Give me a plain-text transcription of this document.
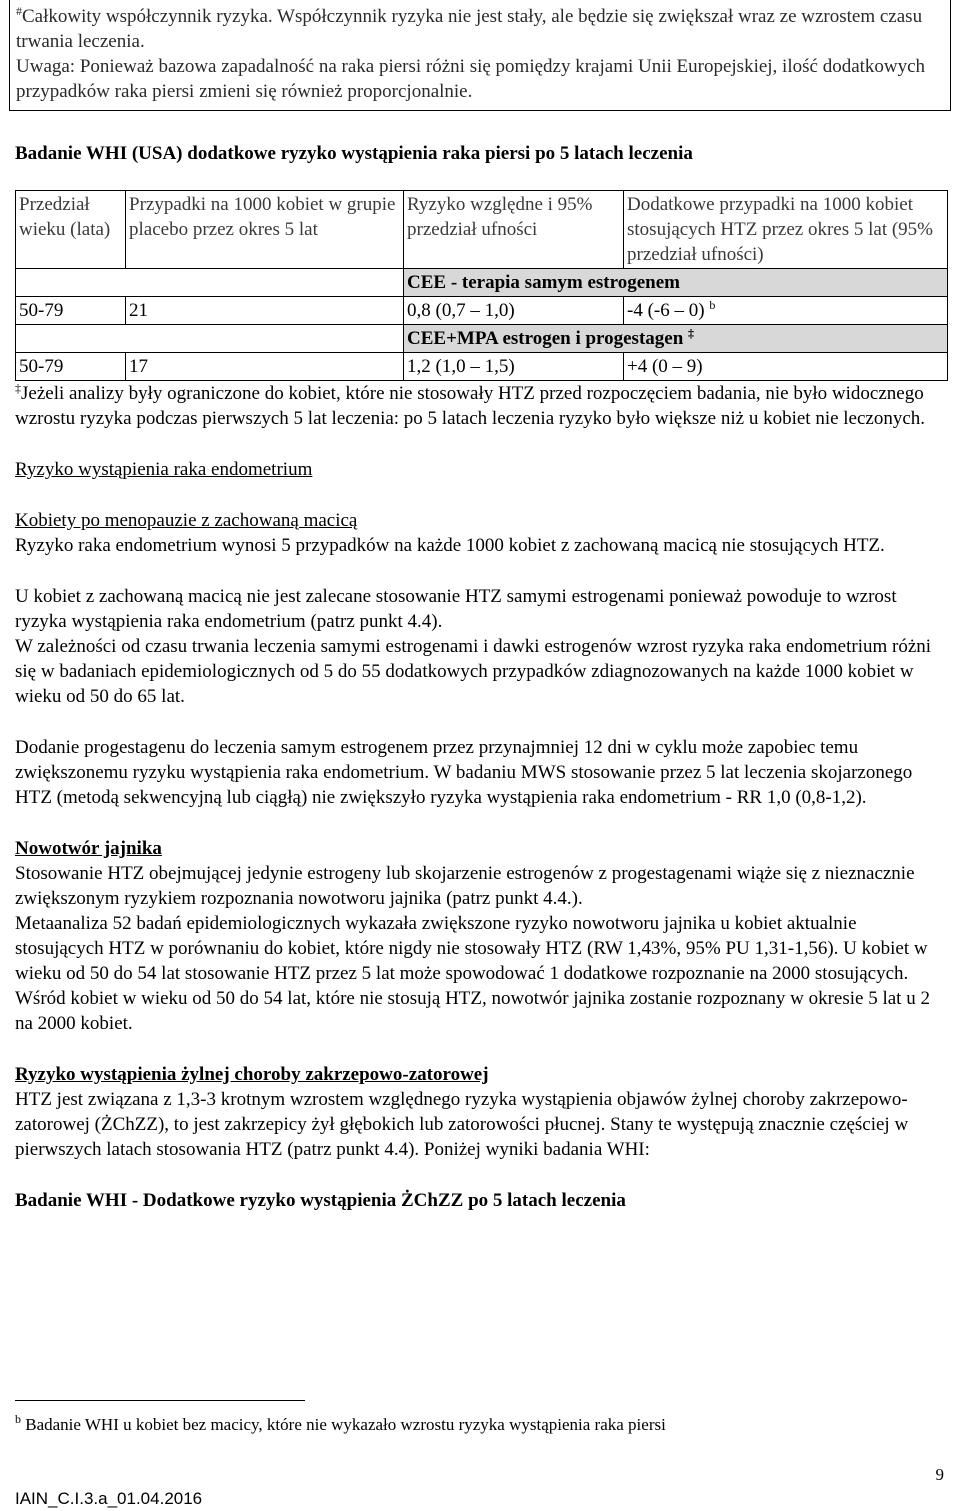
#Całkowity współczynnik ryzyka. Współczynnik ryzyka nie jest stały, ale będzie się zwiększał wraz ze wzrostem czasu trwania leczenia.

Uwaga: Ponieważ bazowa zapadalność na raka piersi różni się pomiędzy krajami Unii Europejskiej, ilość dodatkowych przypadków raka piersi zmieni się również proporcjonalnie.

Badanie WHI (USA) dodatkowe ryzyko wystąpienia raka piersi po 5 latach leczenia
Przedział wieku (lata)	Przypadki na 1000 kobiet w grupie placebo przez okres 5 lat	Ryzyko względne i 95% przedział ufności	Dodatkowe przypadki na 1000 kobiet stosujących HTZ przez okres 5 lat (95% przedział ufności)
		CEE - terapia samym estrogenem	
50-79	21	0,8 (0,7 – 1,0)	-4 (-6 – 0) $^b$
		CEE+MPA estrogen i progestagen ‡
50-79	17	1,2 (1,0 – 1,5)	+4 (0 – 9)

‡Jeżeli analizy były ograniczone do kobiet, które nie stosowały HTZ przed rozpoczęciem badania, nie było widocznego wzrostu ryzyka podczas pierwszych 5 lat leczenia: po 5 latach leczenia ryzyko było większe niż u kobiet nie leczonych.

Ryzyko wystąpienia raka endometrium

Kobiety po menopauzie z zachowaną macicą

Ryzyko raka endometrium wynosi 5 przypadków na każde 1000 kobiet z zachowaną macicą nie stosujących HTZ.

U kobiet z zachowaną macicą nie jest zalecane stosowanie HTZ samymi estrogenami ponieważ powoduje to wzrost ryzyka wystąpienia raka endometrium (patrz punkt 4.4).

W zależności od czasu trwania leczenia samymi estrogenami i dawki estrogenów wzrost ryzyka raka endometrium różni się w badaniach epidemiologicznych od 5 do 55 dodatkowych przypadków zdiagnozowanych na każde 1000 kobiet w wieku od 50 do 65 lat.

Dodanie progestagenu do leczenia samym estrogenem przez przynajmniej 12 dni w cyklu może zapobiec temu zwiększonemu ryzyku wystąpienia raka endometrium. W badaniu MWS stosowanie przez 5 lat leczenia skojarzonego HTZ (metodą sekwencyjną lub ciągłą) nie zwiększyło ryzyka wystąpienia raka endometrium - RR 1,0 (0,8-1,2).

Nowotwór jajnika

Stosowanie HTZ obejmującej jedynie estrogeny lub skojarzenie estrogenów z progestagenami wiąże się z nieznacznie zwiększonym ryzykiem rozpoznania nowotworu jajnika (patrz punkt 4.4.).

Metaanaliza 52 badań epidemiologicznych wykazała zwiększone ryzyko nowotworu jajnika u kobiet aktualnie stosujących HTZ w porównaniu do kobiet, które nigdy nie stosowały HTZ (RW 1,43%, 95% PU 1,31-1,56). U kobiet w wieku od 50 do 54 lat stosowanie HTZ przez 5 lat może spowodować 1 dodatkowe rozpoznanie na 2000 stosujących. Wśród kobiet w wieku od 50 do 54 lat, które nie stosują HTZ, nowotwór jajnika zostanie rozpoznany w okresie 5 lat u 2 na 2000 kobiet.

Ryzyko wystąpienia żylnej choroby zakrzepowo-zatorowej

HTZ jest związana z 1,3-3 krotnym wzrostem względnego ryzyka wystąpienia objawów żylnej choroby zakrzepowo-zatorowej (ŻChZZ), to jest zakrzepicy żył głębokich lub zatorowości płucnej. Stany te występują znacznie częściej w pierwszych latach stosowania HTZ (patrz punkt 4.4). Poniżej wyniki badania WHI:

Badanie WHI - Dodatkowe ryzyko wystąpienia ŻChZZ po 5 latach leczenia
$^b$ Badanie WHI u kobiet bez macicy, które nie wykazało wzrostu ryzyka wystąpienia raka piersi
9
IAIN_C.I.3.a_01.04.2016
